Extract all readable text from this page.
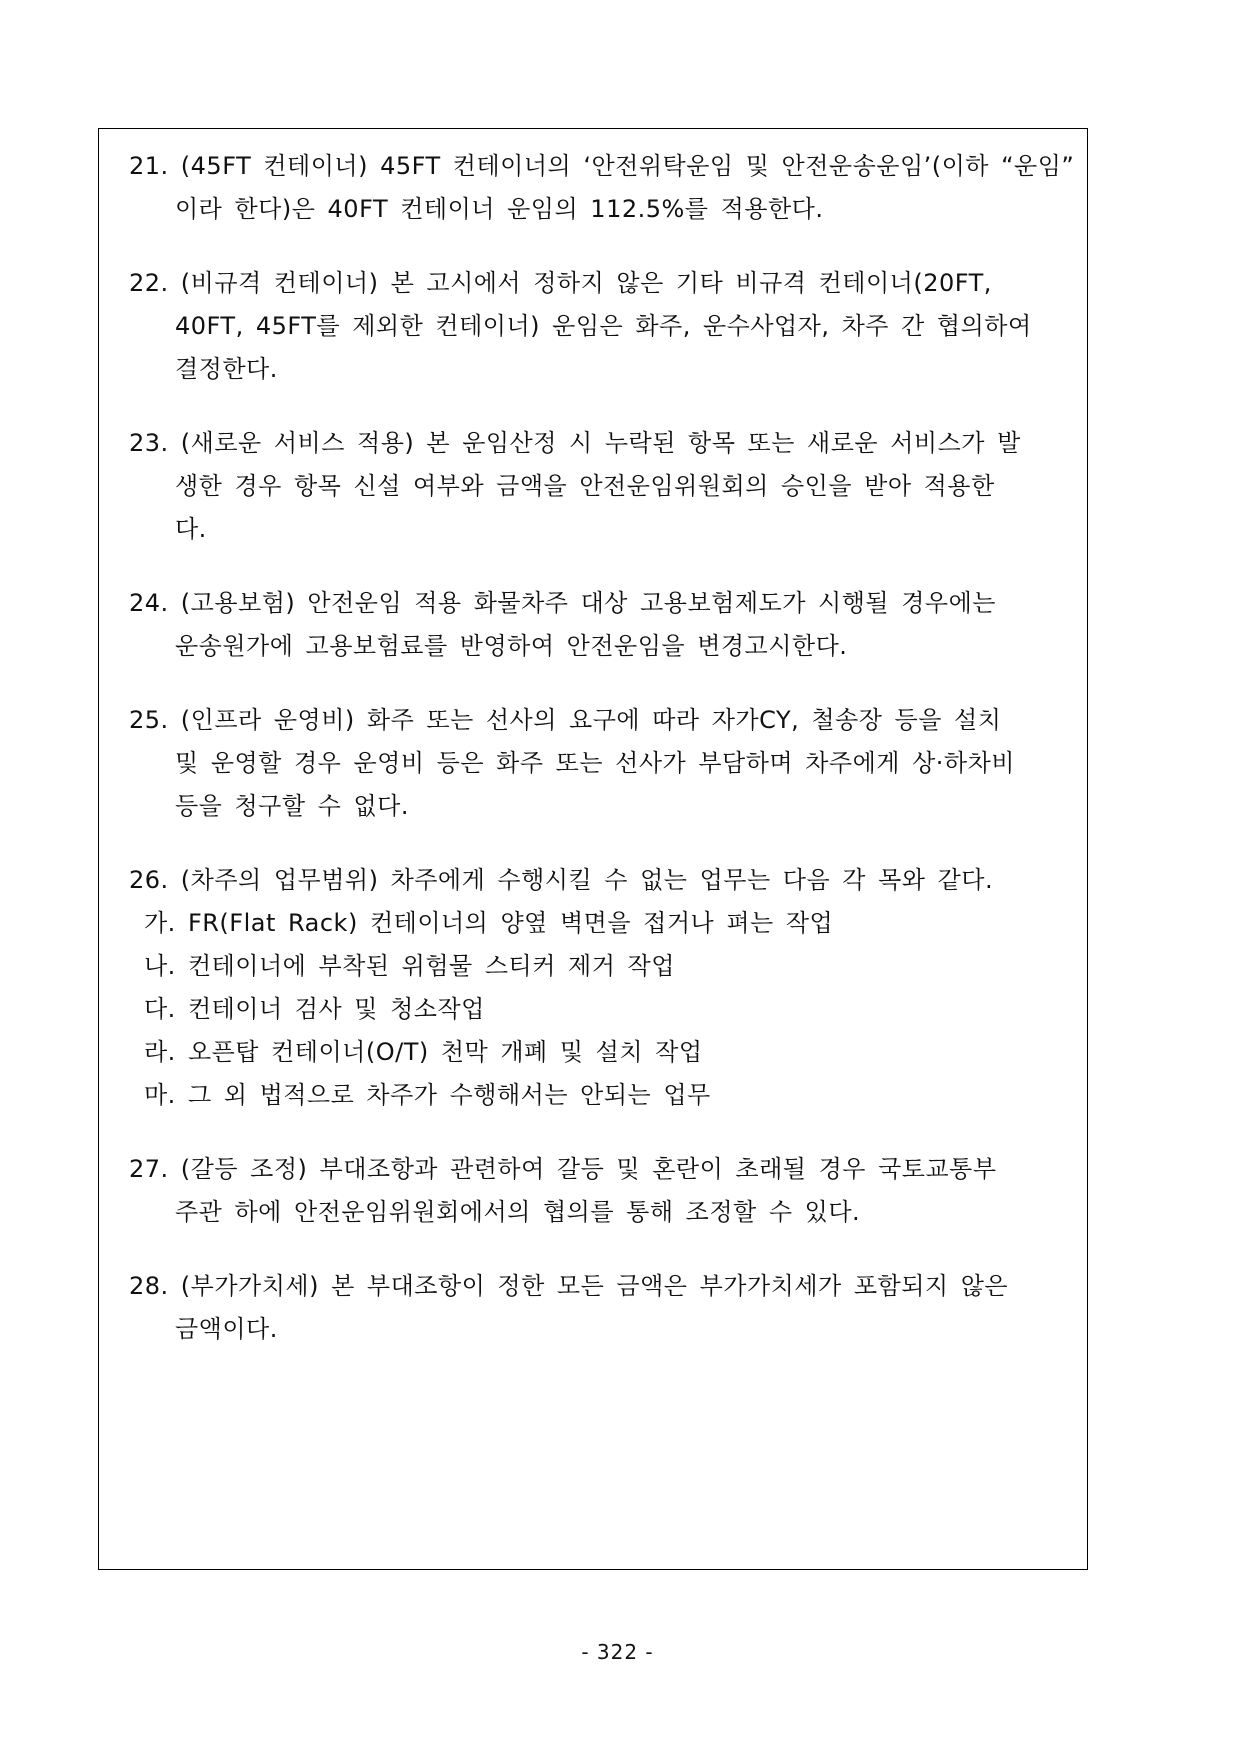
21. (45FT 컨테이너) 45FT 컨테이너의 ‘안전위탁운임 및 안전운송운임’(이하 “운임”
이라 한다)은 40FT 컨테이너 운임의 112.5%를 적용한다.
22. (비규격 컨테이너) 본 고시에서 정하지 않은 기타 비규격 컨테이너(20FT,
40FT, 45FT를 제외한 컨테이너) 운임은 화주, 운수사업자, 차주 간 협의하여
결정한다.
23. (새로운 서비스 적용) 본 운임산정 시 누락된 항목 또는 새로운 서비스가 발
생한 경우 항목 신설 여부와 금액을 안전운임위원회의 승인을 받아 적용한
다.
24. (고용보험) 안전운임 적용 화물차주 대상 고용보험제도가 시행될 경우에는
운송원가에 고용보험료를 반영하여 안전운임을 변경고시한다.
25. (인프라 운영비) 화주 또는 선사의 요구에 따라 자가CY, 철송장 등을 설치
및 운영할 경우 운영비 등은 화주 또는 선사가 부담하며 차주에게 상·하차비
등을 청구할 수 없다.
26. (차주의 업무범위) 차주에게 수행시킬 수 없는 업무는 다음 각 목와 같다.
가. FR(Flat Rack) 컨테이너의 양옆 벽면을 접거나 펴는 작업
나. 컨테이너에 부착된 위험물 스티커 제거 작업
다. 컨테이너 검사 및 청소작업
라. 오픈탑 컨테이너(O/T) 천막 개폐 및 설치 작업
마. 그 외 법적으로 차주가 수행해서는 안되는 업무
27. (갈등 조정) 부대조항과 관련하여 갈등 및 혼란이 초래될 경우 국토교통부
주관 하에 안전운임위원회에서의 협의를 통해 조정할 수 있다.
28. (부가가치세) 본 부대조항이 정한 모든 금액은 부가가치세가 포함되지 않은
금액이다.
- 322 -
